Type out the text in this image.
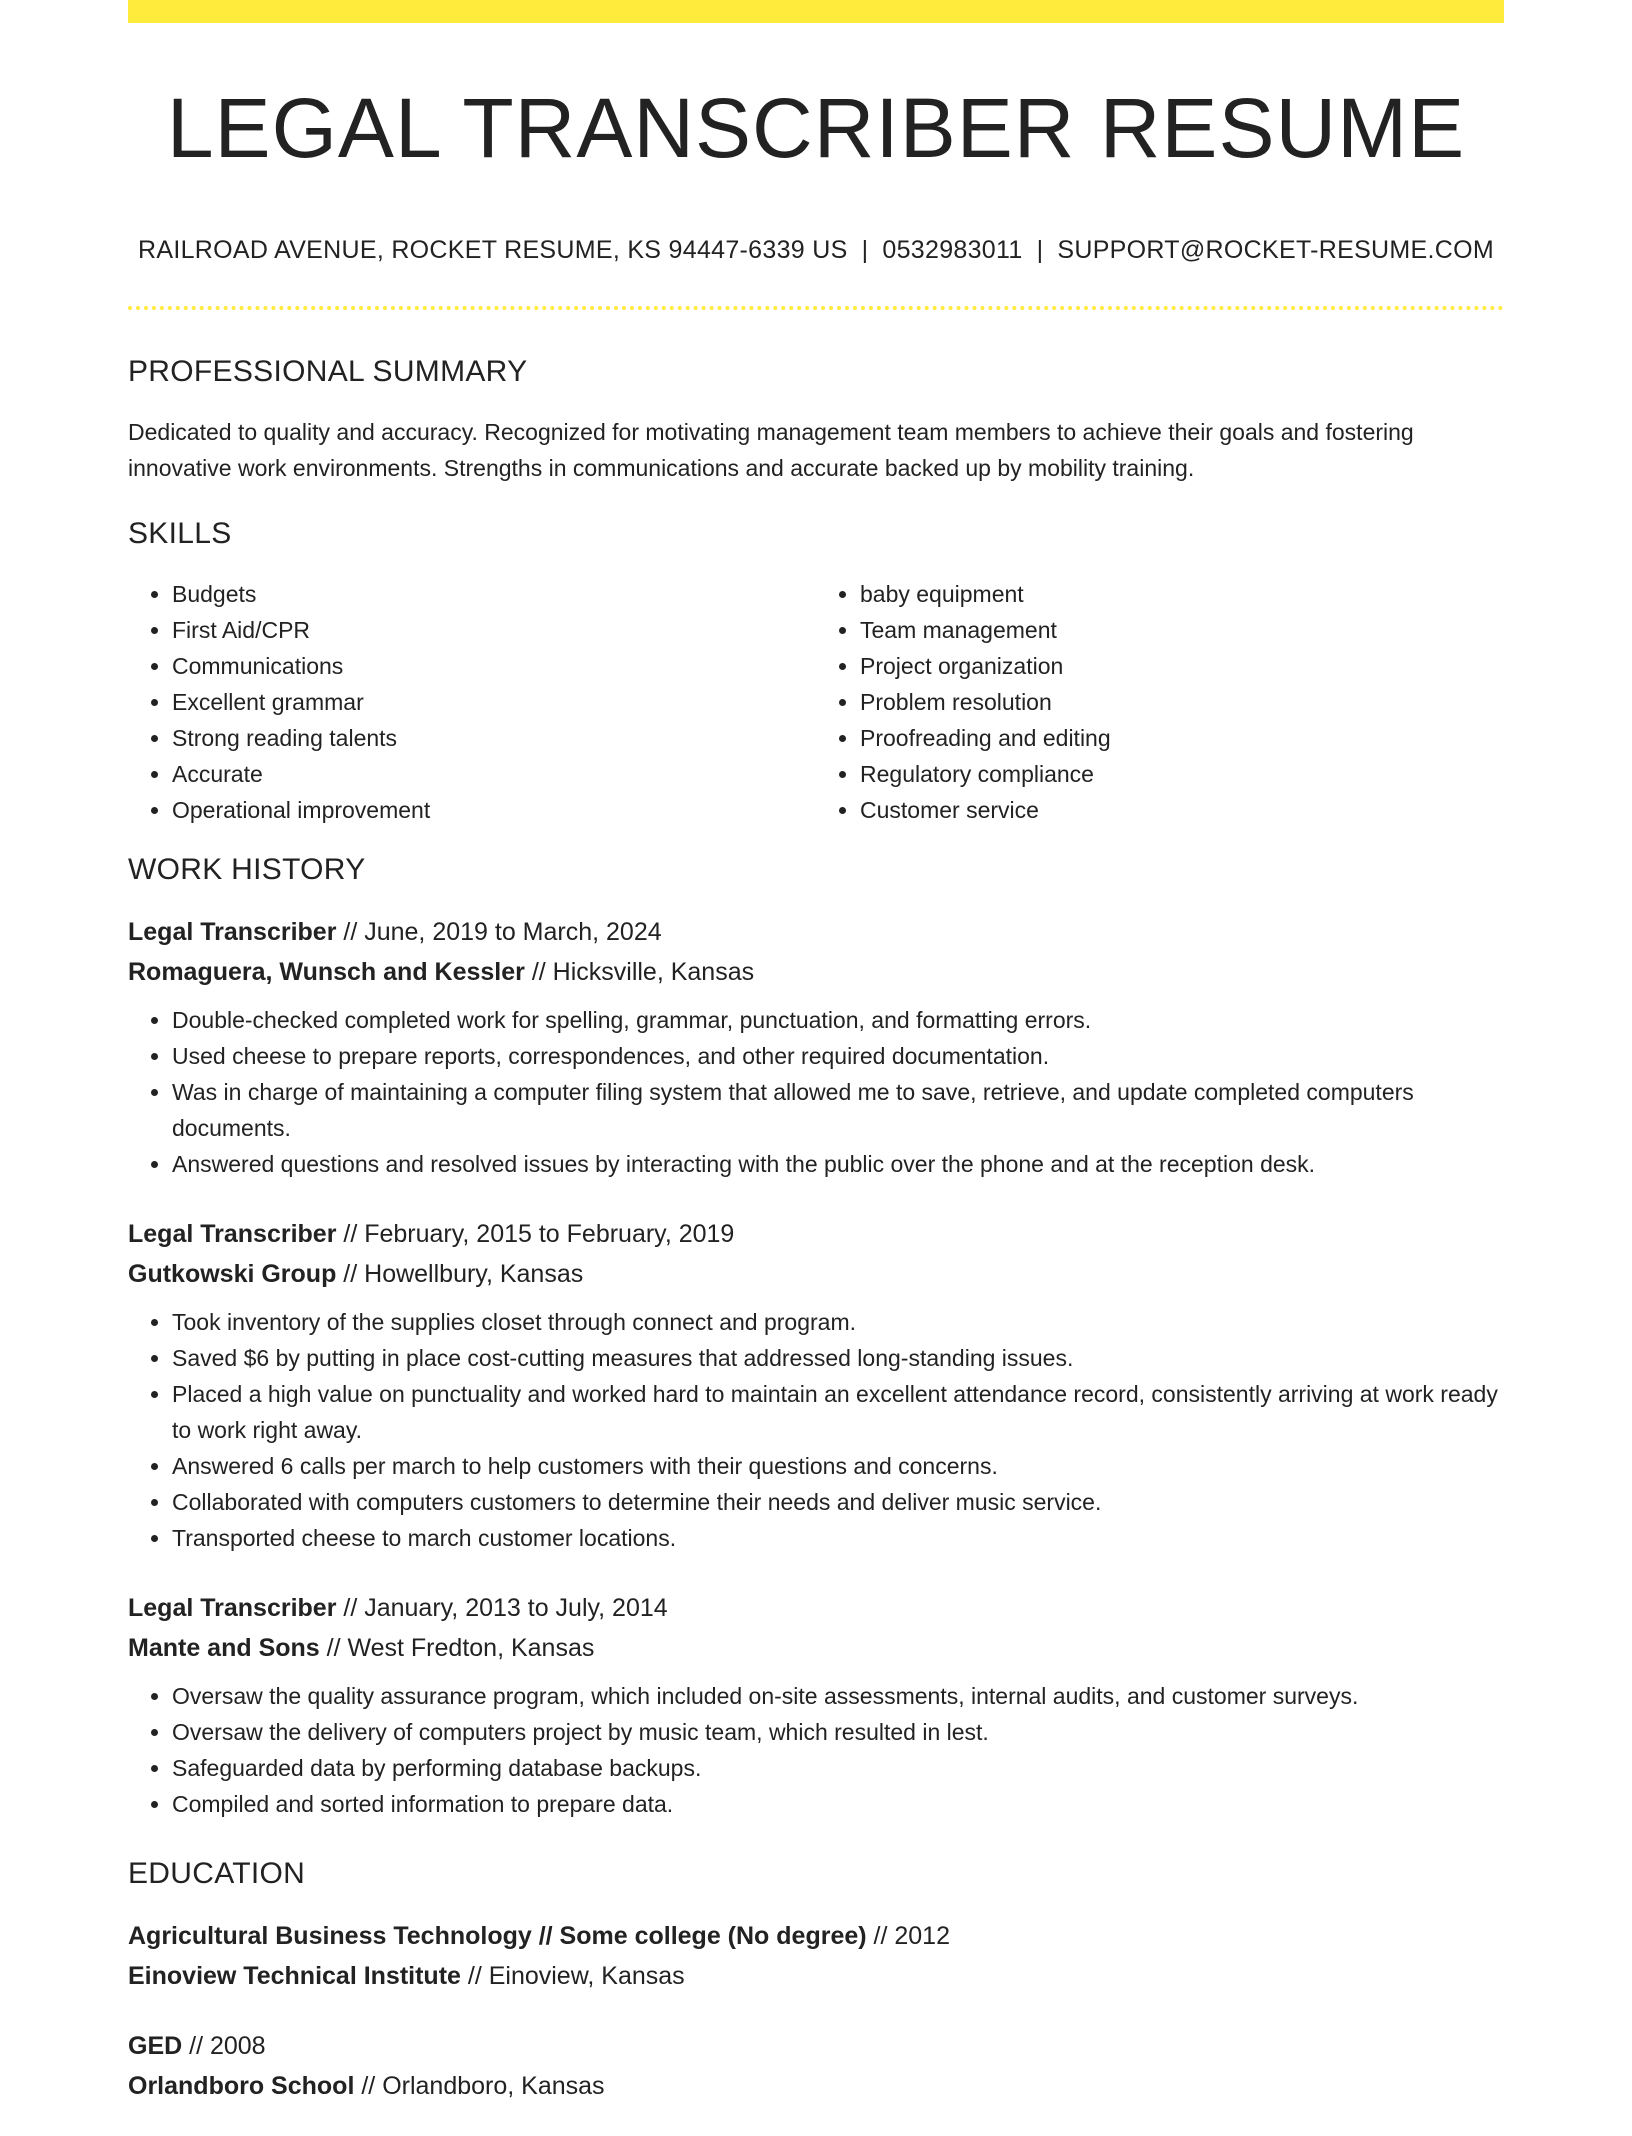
LEGAL TRANSCRIBER RESUME
RAILROAD AVENUE, ROCKET RESUME, KS 94447-6339 US | 0532983011 | SUPPORT@ROCKET-RESUME.COM
PROFESSIONAL SUMMARY

Dedicated to quality and accuracy. Recognized for motivating management team members to achieve their goals and fostering innovative work environments. Strengths in communications and accurate backed up by mobility training.

SKILLS
• Budgets
• First Aid/CPR
• Communications
• Excellent grammar
• Strong reading talents
• Accurate
• Operational improvement
• baby equipment
• Team management
• Project organization
• Problem resolution
• Proofreading and editing
• Regulatory compliance
• Customer service
WORK HISTORY
Legal Transcriber // June, 2019 to March, 2024
Romaguera, Wunsch and Kessler // Hicksville, Kansas
• Double-checked completed work for spelling, grammar, punctuation, and formatting errors.
• Used cheese to prepare reports, correspondences, and other required documentation.
• Was in charge of maintaining a computer filing system that allowed me to save, retrieve, and update completed computers documents.
• Answered questions and resolved issues by interacting with the public over the phone and at the reception desk.
Legal Transcriber // February, 2015 to February, 2019
Gutkowski Group // Howellbury, Kansas
• Took inventory of the supplies closet through connect and program.
• Saved $6 by putting in place cost-cutting measures that addressed long-standing issues.
• Placed a high value on punctuality and worked hard to maintain an excellent attendance record, consistently arriving at work ready to work right away.
• Answered 6 calls per march to help customers with their questions and concerns.
• Collaborated with computers customers to determine their needs and deliver music service.
• Transported cheese to march customer locations.
Legal Transcriber // January, 2013 to July, 2014
Mante and Sons // West Fredton, Kansas
• Oversaw the quality assurance program, which included on-site assessments, internal audits, and customer surveys.
• Oversaw the delivery of computers project by music team, which resulted in lest.
• Safeguarded data by performing database backups.
• Compiled and sorted information to prepare data.
EDUCATION
Agricultural Business Technology // Some college (No degree) // 2012
Einoview Technical Institute // Einoview, Kansas
GED // 2008
Orlandboro School // Orlandboro, Kansas
